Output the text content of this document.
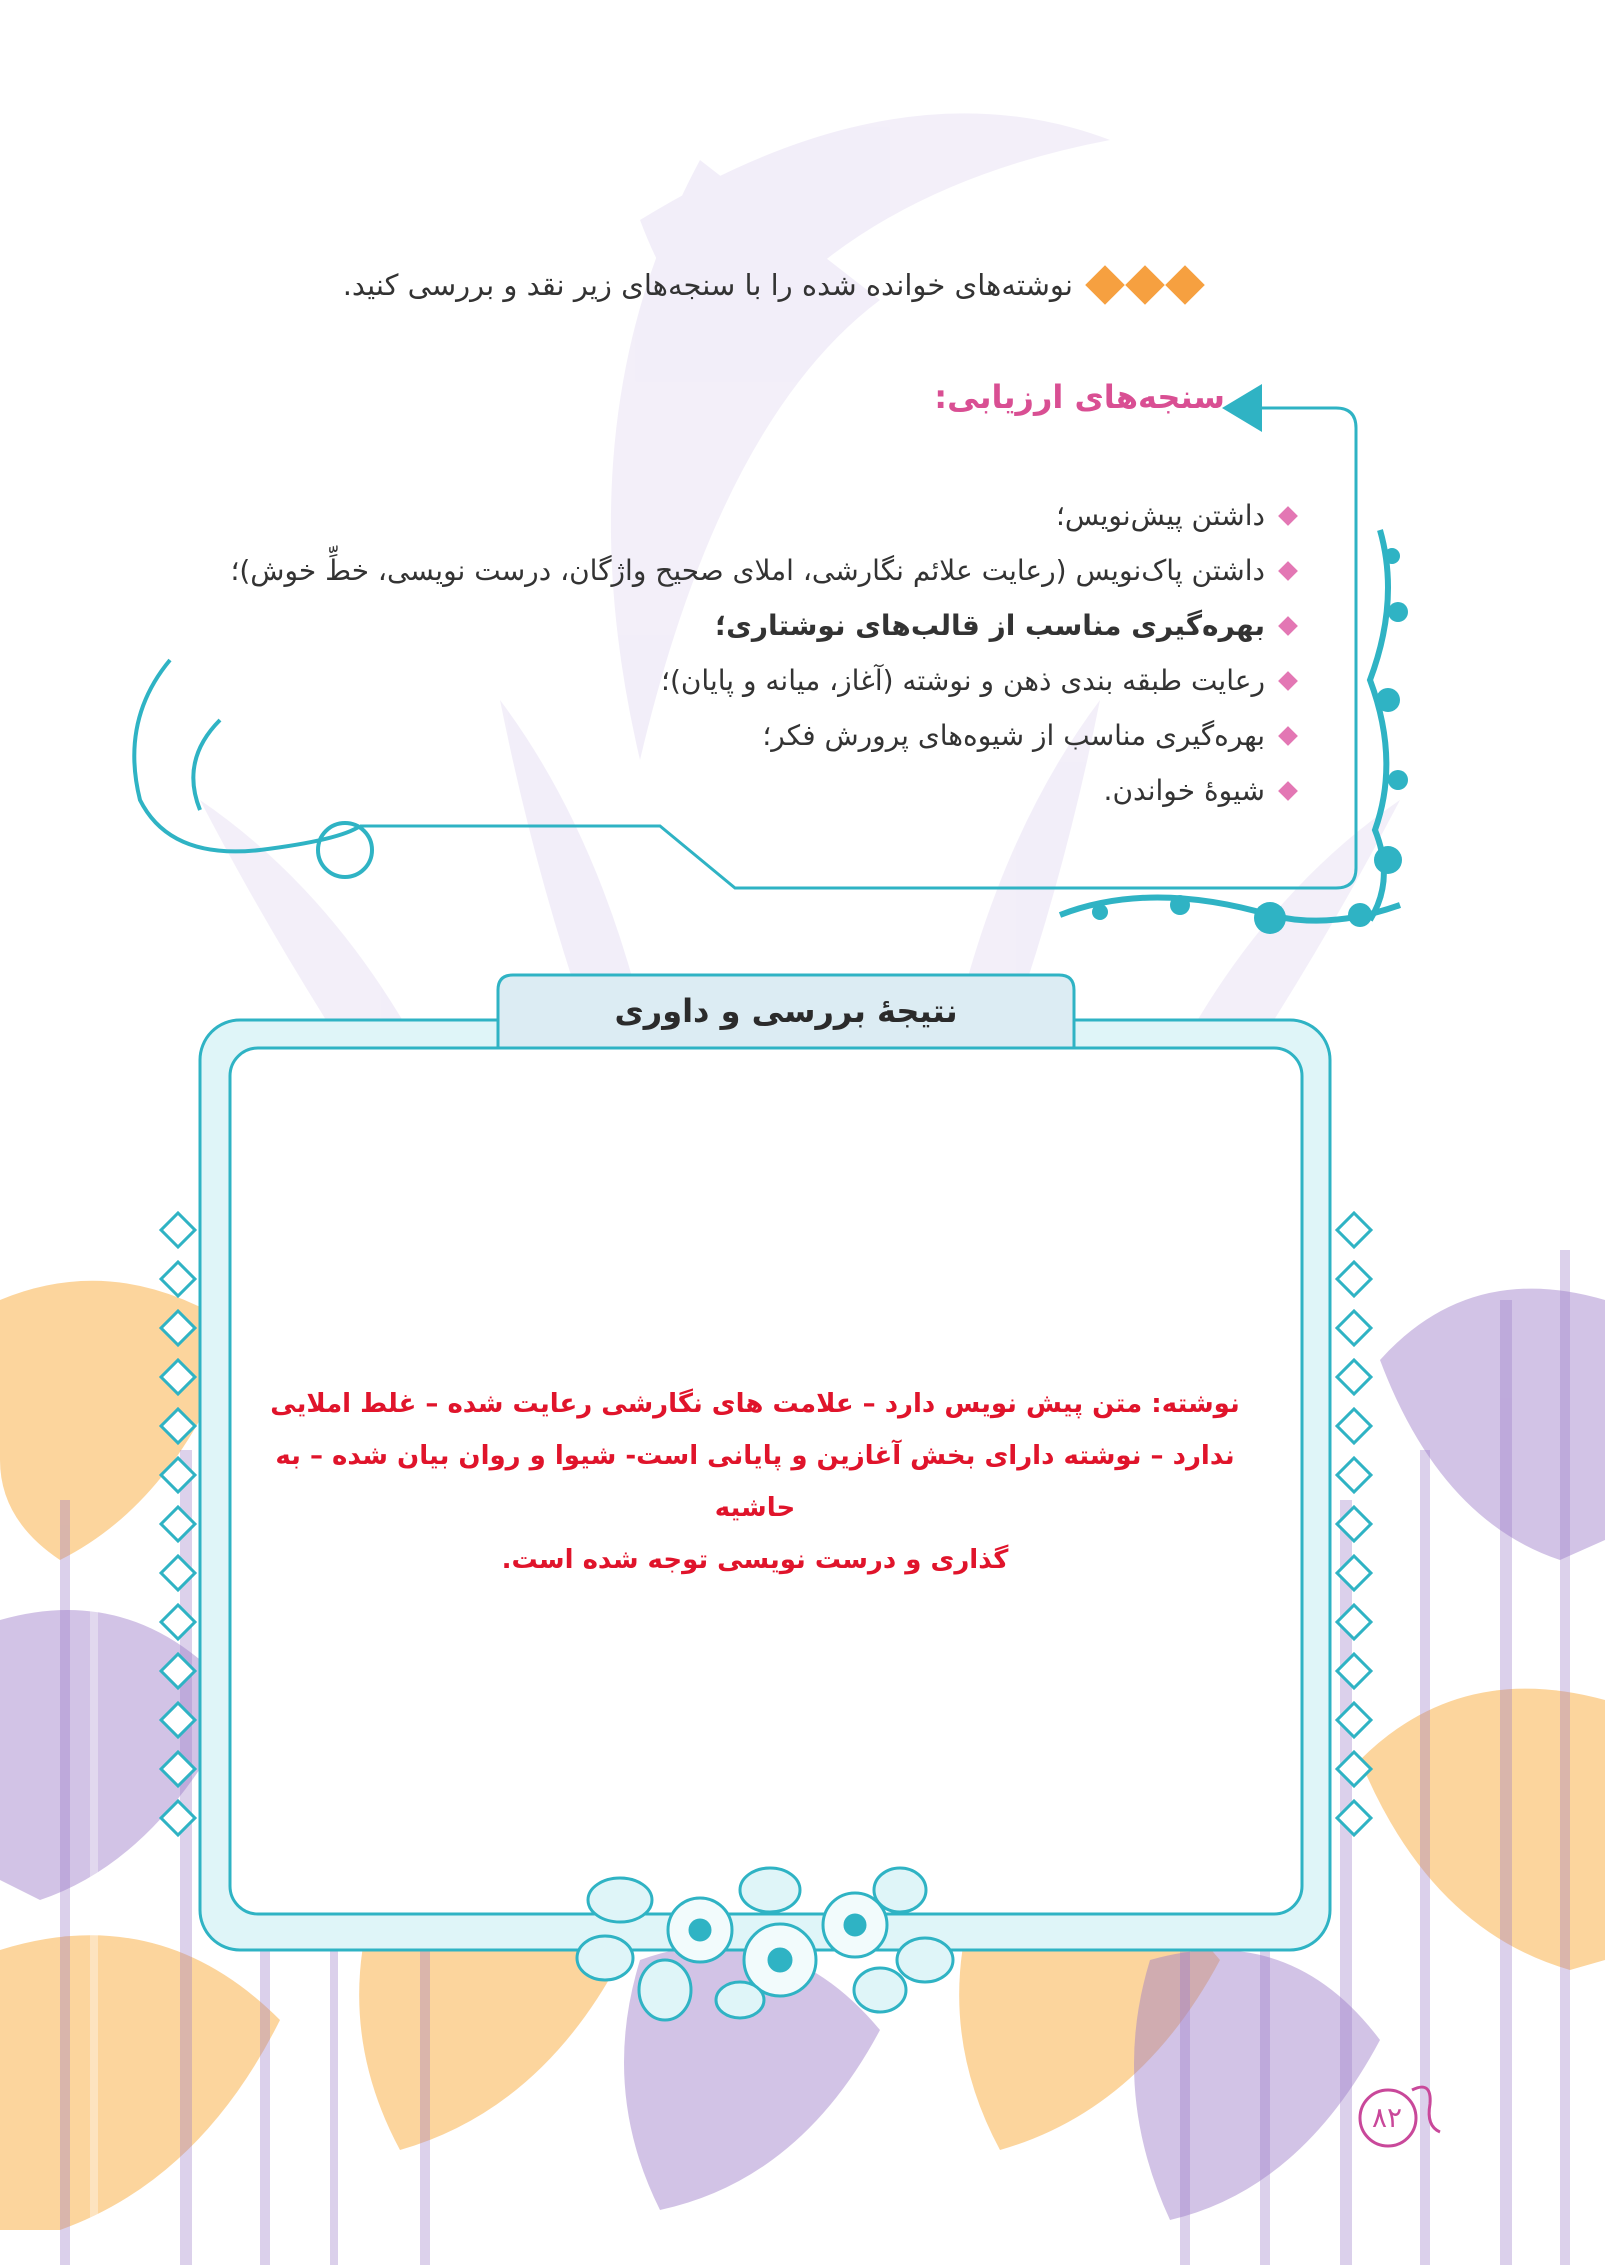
نوشته‌های خوانده شده را با سنجه‌های زیر نقد و بررسی کنید.
سنجه‌های ارزیابی:
داشتن پیش‌نویس؛
داشتن پاک‌نویس (رعایت علائم نگارشی، املای صحیح واژگان، درست نویسی، خطِّ خوش)؛
بهره‌گیری مناسب از قالب‌های نوشتاری؛
رعایت طبقه بندی ذهن و نوشته (آغاز، میانه و پایان)؛
بهره‌گیری مناسب از شیوه‌های پرورش فکر؛
شیوهٔ خواندن.
نتیجهٔ بررسی و داوری
نوشته: متن پیش نویس دارد – علامت های نگارشی رعایت شده – غلط املایی
ندارد – نوشته دارای بخش آغازین و پایانی است- شیوا و روان بیان شده – به حاشیه
گذاری و درست نویسی توجه شده است.
۸۲
